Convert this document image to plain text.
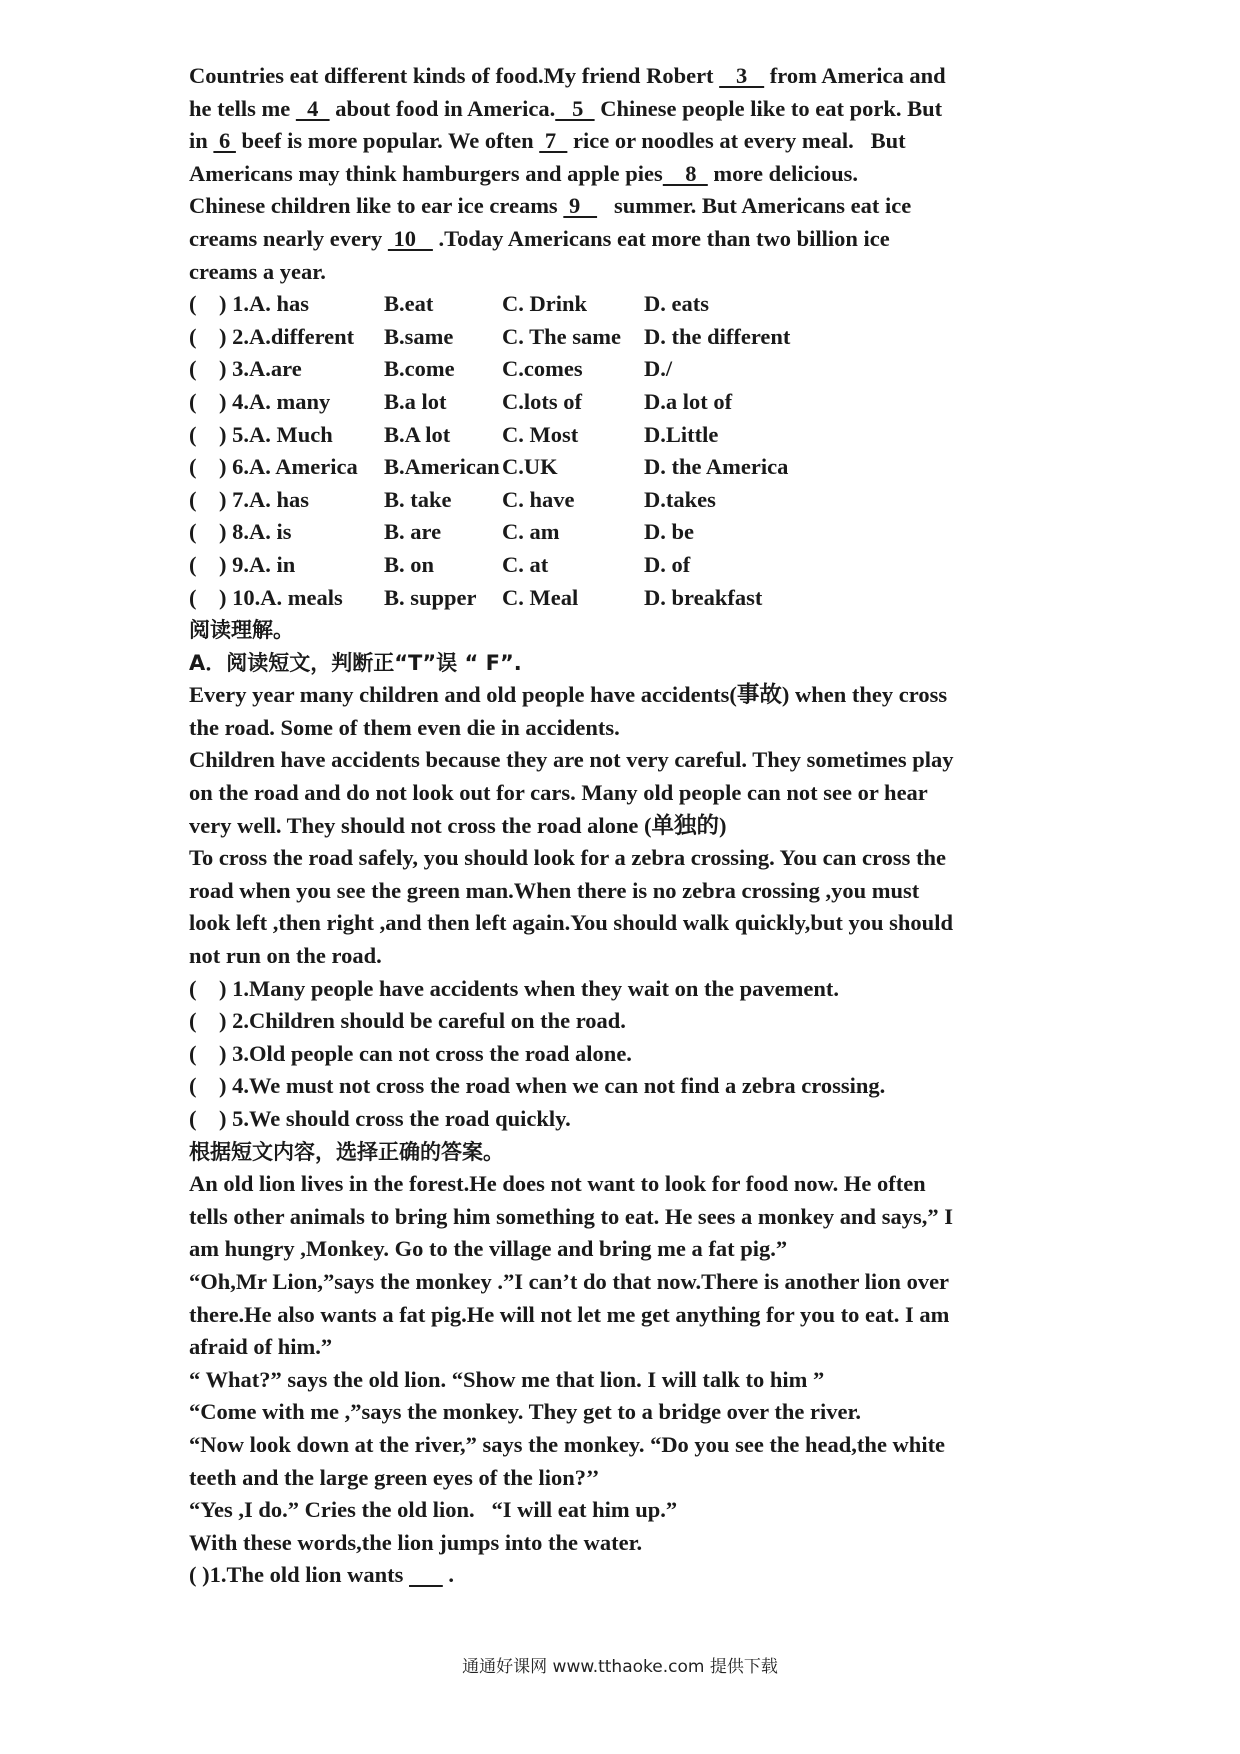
Countries eat different kinds of food.My friend Robert    3    from America and
he tells me   4   about food in America.   5   Chinese people like to eat pork. But
in  6  beef is more popular. We often  7   rice or noodles at every meal.   But
Americans may think hamburgers and apple pies    8   more delicious.
Chinese children like to ear ice creams  9      summer. But Americans eat ice
creams nearly every  10    .Today Americans eat more than two billion ice
creams a year.
(    ) 1.A. has	B.eat	C. Drink	D. eats
(    ) 2.A.different	B.same	C. The same	D. the different
(    ) 3.A.are	B.come	C.comes	D./
(    ) 4.A. many	B.a lot	C.lots of	D.a lot of
(    ) 5.A. Much	B.A lot	C. Most	D.Little
(    ) 6.A. America	B.American C.UK	D. the America
(    ) 7.A. has	B. take	C. have	D.takes
(    ) 8.A. is	B. are	C. am	D. be
(    ) 9.A. in	B. on	C. at	D. of
(    ) 10.A. meals	B. supper	C. Meal	D. breakfast
阅读理解。
A．阅读短文，判断正“T”误 “ F”.
Every year many children and old people have accidents(事故) when they cross
the road. Some of them even die in accidents.
Children have accidents because they are not very careful. They sometimes play
on the road and do not look out for cars. Many old people can not see or hear
very well. They should not cross the road alone (单独的)
To cross the road safely, you should look for a zebra crossing. You can cross the
road when you see the green man.When there is no zebra crossing ,you must
look left ,then right ,and then left again.You should walk quickly,but you should
not run on the road.
(    ) 1.Many people have accidents when they wait on the pavement.
(    ) 2.Children should be careful on the road.
(    ) 3.Old people can not cross the road alone.
(    ) 4.We must not cross the road when we can not find a zebra crossing.
(    ) 5.We should cross the road quickly.
根据短文内容，选择正确的答案。
An old lion lives in the forest.He does not want to look for food now. He often
tells other animals to bring him something to eat. He sees a monkey and says,” I
am hungry ,Monkey. Go to the village and bring me a fat pig.”
“Oh,Mr Lion,”says the monkey .”I can’t do that now.There is another lion over
there.He also wants a fat pig.He will not let me get anything for you to eat. I am
afraid of him.”
“ What?” says the old lion. “Show me that lion. I will talk to him ”
“Come with me ,”says the monkey. They get to a bridge over the river.
“Now look down at the river,” says the monkey. “Do you see the head,the white
teeth and the large green eyes of the lion?’’
“Yes ,I do.” Cries the old lion.   “I will eat him up.”
With these words,the lion jumps into the water.
( )1.The old lion wants        .
通通好课网 www.tthaoke.com 提供下载
